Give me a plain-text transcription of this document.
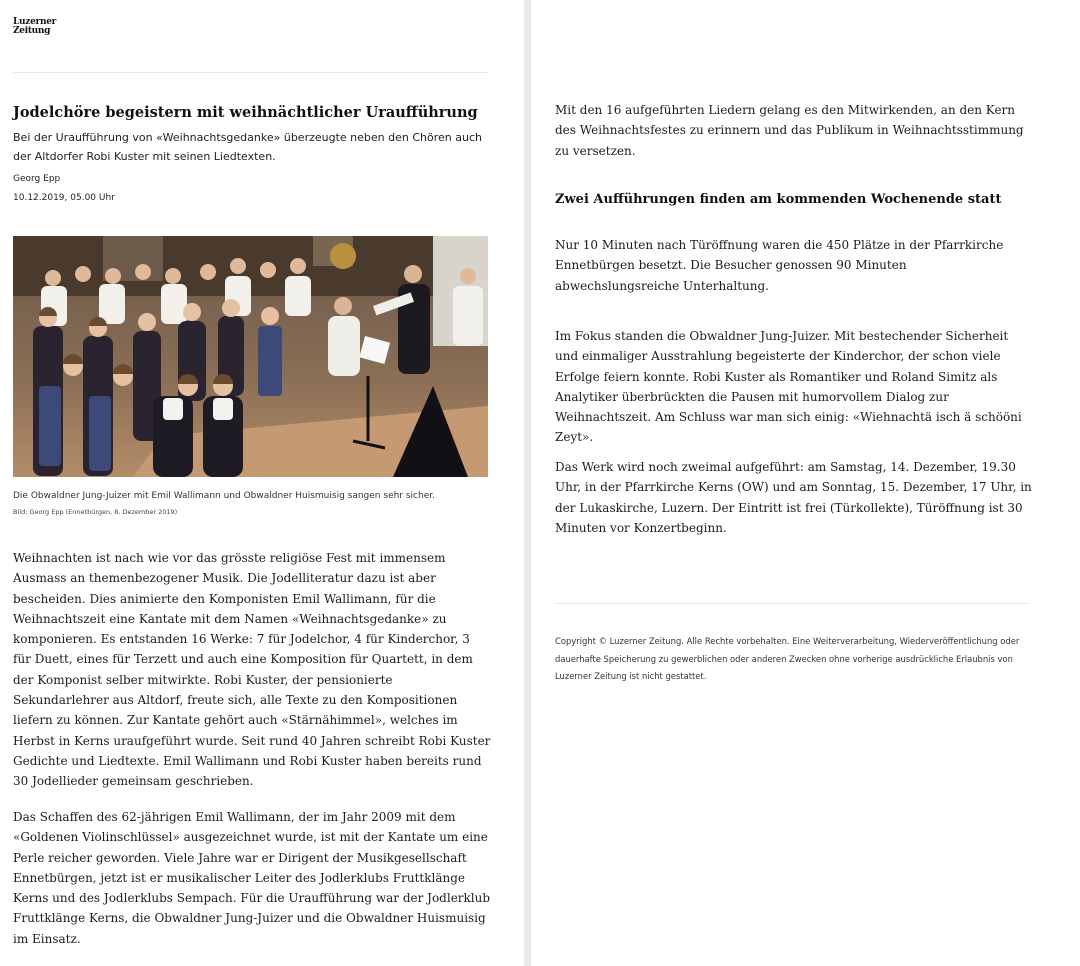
Luzerner
Zeitung
Jodelchöre begeistern mit weihnächtlicher Uraufführung

Bei der Uraufführung von «Weihnachtsgedanke» überzeugte neben den Chören auch der Altdorfer Robi Kuster mit seinen Liedtexten.

Georg Epp
10.12.2019, 05.00 Uhr
Die Obwaldner Jung-Juizer mit Emil Wallimann und Obwaldner Huismuisig sangen sehr sicher.
Bild: Georg Epp (Ennetbürgen, 8. Dezember 2019)

Weihnachten ist nach wie vor das grösste religiöse Fest mit immensem Ausmass an themenbezogener Musik. Die Jodelliteratur dazu ist aber bescheiden. Dies animierte den Komponisten Emil Wallimann, für die Weihnachtszeit eine Kantate mit dem Namen «Weihnachtsgedanke» zu komponieren. Es entstanden 16 Werke: 7 für Jodelchor, 4 für Kinderchor, 3 für Duett, eines für Terzett und auch eine Komposition für Quartett, in dem der Komponist selber mitwirkte. Robi Kuster, der pensionierte Sekundarlehrer aus Altdorf, freute sich, alle Texte zu den Kompositionen liefern zu können. Zur Kantate gehört auch «Stärnähimmel», welches im Herbst in Kerns uraufgeführt wurde. Seit rund 40 Jahren schreibt Robi Kuster Gedichte und Liedtexte. Emil Wallimann und Robi Kuster haben bereits rund 30 Jodellieder gemeinsam geschrieben.

Das Schaffen des 62-jährigen Emil Wallimann, der im Jahr 2009 mit dem «Goldenen Violinschlüssel» ausgezeichnet wurde, ist mit der Kantate um eine Perle reicher geworden. Viele Jahre war er Dirigent der Musikgesellschaft Ennetbürgen, jetzt ist er musikalischer Leiter des Jodlerklubs Fruttklänge Kerns und des Jodlerklubs Sempach. Für die Uraufführung war der Jodlerklub Fruttklänge Kerns, die Obwaldner Jung-Juizer und die Obwaldner Huismuisig im Einsatz.

Mit den 16 aufgeführten Liedern gelang es den Mitwirkenden, an den Kern des Weihnachtsfestes zu erinnern und das Publikum in Weihnachtsstimmung zu versetzen.

Zwei Aufführungen finden am kommenden Wochenende statt

Nur 10 Minuten nach Türöffnung waren die 450 Plätze in der Pfarrkirche Ennetbürgen besetzt. Die Besucher genossen 90 Minuten abwechslungsreiche Unterhaltung.

Im Fokus standen die Obwaldner Jung-Juizer. Mit bestechender Sicherheit und einmaliger Ausstrahlung begeisterte der Kinderchor, der schon viele Erfolge feiern konnte. Robi Kuster als Romantiker und Roland Simitz als Analytiker überbrückten die Pausen mit humorvollem Dialog zur Weihnachtszeit. Am Schluss war man sich einig: «Wiehnachtä isch ä schööni Zeyt».

Das Werk wird noch zweimal aufgeführt: am Samstag, 14. Dezember, 19.30 Uhr, in der Pfarrkirche Kerns (OW) und am Sonntag, 15. Dezember, 17 Uhr, in der Lukaskirche, Luzern. Der Eintritt ist frei (Türkollekte), Türöffnung ist 30 Minuten vor Konzertbeginn.

Copyright © Luzerner Zeitung. Alle Rechte vorbehalten. Eine Weiterverarbeitung, Wiederveröffentlichung oder dauerhafte Speicherung zu gewerblichen oder anderen Zwecken ohne vorherige ausdrückliche Erlaubnis von Luzerner Zeitung ist nicht gestattet.
